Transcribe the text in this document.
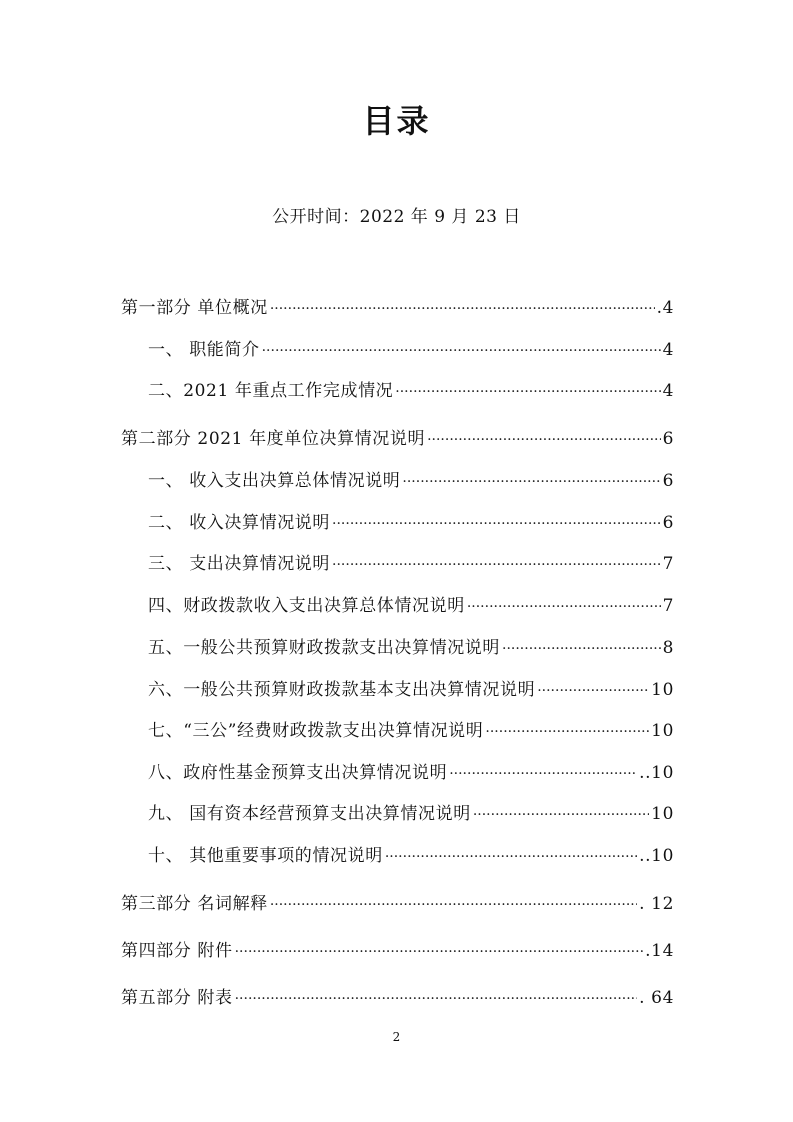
目录
公开时间：2022 年 9 月 23 日
第一部分 单位概况 ·····	.4
一、 职能简介 ·····	4
二、2021 年重点工作完成情况 ·····	4
第二部分 2021 年度单位决算情况说明 ·····	6
一、 收入支出决算总体情况说明 ·····	6
二、 收入决算情况说明 ·····	6
三、 支出决算情况说明 ·····	7
四、财政拨款收入支出决算总体情况说明 ·····	7
五、一般公共预算财政拨款支出决算情况说明 ·····	8
六、一般公共预算财政拨款基本支出决算情况说明 ·····	10
七、“三公”经费财政拨款支出决算情况说明 ·····	10
八、政府性基金预算支出决算情况说明 ·····	..10
九、 国有资本经营预算支出决算情况说明 ·····	10
十、 其他重要事项的情况说明 ·····	..10
第三部分 名词解释 ·····	. 12
第四部分 附件 ·····	.14
第五部分 附表 ·····	. 64
2
